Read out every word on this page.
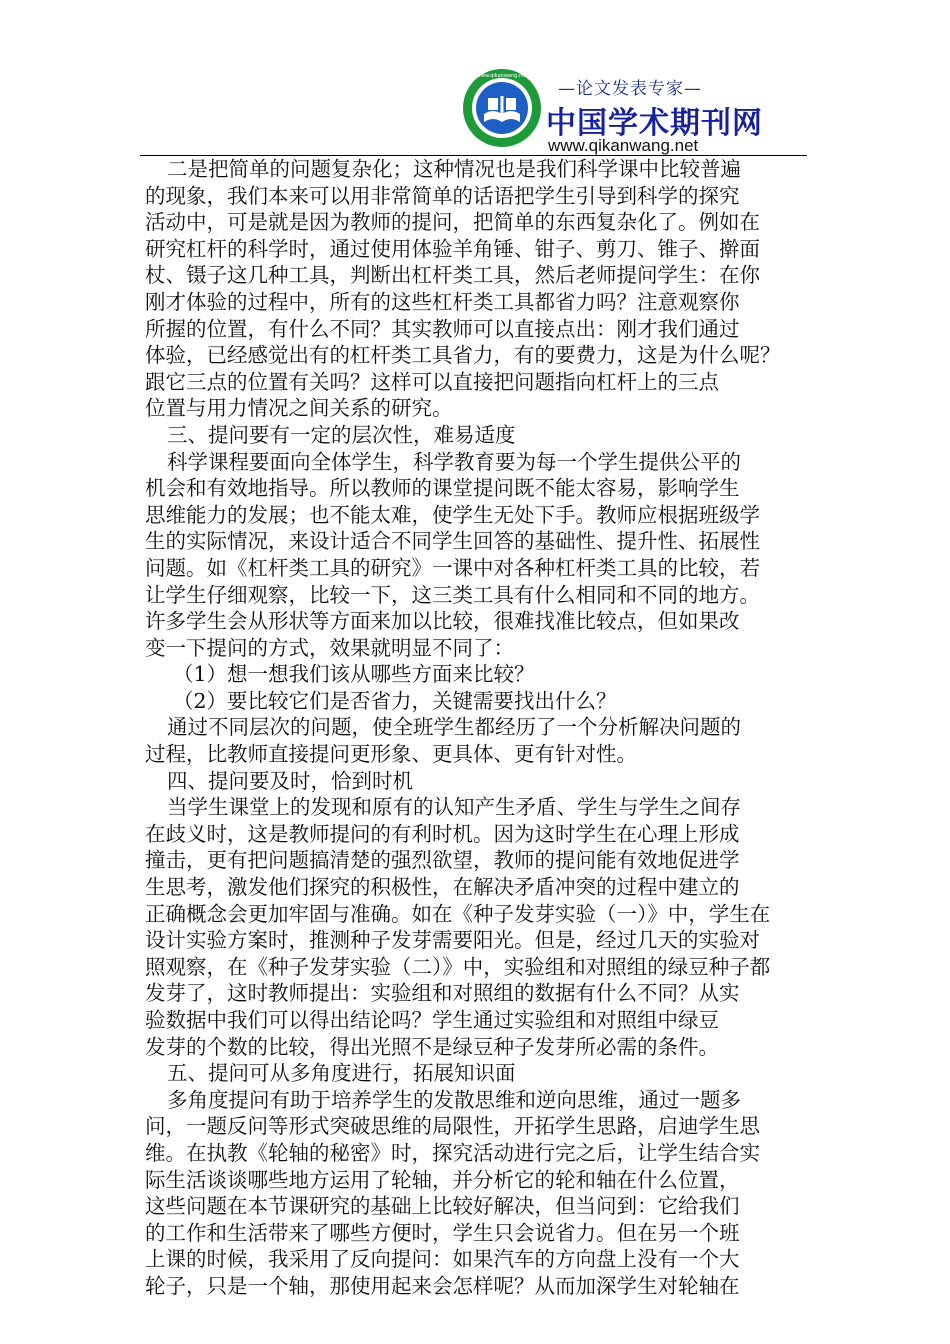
www.qikanwang.net
—论文发表专家—
中国学术期刊网
www.qikanwang.net
二是把简单的问题复杂化；这种情况也是我们科学课中比较普遍
的现象，我们本来可以用非常简单的话语把学生引导到科学的探究
活动中，可是就是因为教师的提问，把简单的东西复杂化了。例如在
研究杠杆的科学时，通过使用体验羊角锤、钳子、剪刀、锥子、擀面
杖、镊子这几种工具，判断出杠杆类工具，然后老师提问学生：在你
刚才体验的过程中，所有的这些杠杆类工具都省力吗？注意观察你
所握的位置，有什么不同？其实教师可以直接点出：刚才我们通过
体验，已经感觉出有的杠杆类工具省力，有的要费力，这是为什么呢？
跟它三点的位置有关吗？这样可以直接把问题指向杠杆上的三点
位置与用力情况之间关系的研究。
三、提问要有一定的层次性，难易适度
科学课程要面向全体学生，科学教育要为每一个学生提供公平的
机会和有效地指导。所以教师的课堂提问既不能太容易，影响学生
思维能力的发展；也不能太难，使学生无处下手。教师应根据班级学
生的实际情况，来设计适合不同学生回答的基础性、提升性、拓展性
问题。如《杠杆类工具的研究》一课中对各种杠杆类工具的比较，若
让学生仔细观察，比较一下，这三类工具有什么相同和不同的地方。
许多学生会从形状等方面来加以比较，很难找准比较点，但如果改
变一下提问的方式，效果就明显不同了：
（1）想一想我们该从哪些方面来比较？
（2）要比较它们是否省力，关键需要找出什么？
通过不同层次的问题，使全班学生都经历了一个分析解决问题的
过程，比教师直接提问更形象、更具体、更有针对性。
四、提问要及时，恰到时机
当学生课堂上的发现和原有的认知产生矛盾、学生与学生之间存
在歧义时，这是教师提问的有利时机。因为这时学生在心理上形成
撞击，更有把问题搞清楚的强烈欲望，教师的提问能有效地促进学
生思考，激发他们探究的积极性，在解决矛盾冲突的过程中建立的
正确概念会更加牢固与准确。如在《种子发芽实验（一）》中，学生在
设计实验方案时，推测种子发芽需要阳光。但是，经过几天的实验对
照观察，在《种子发芽实验（二）》中，实验组和对照组的绿豆种子都
发芽了，这时教师提出：实验组和对照组的数据有什么不同？从实
验数据中我们可以得出结论吗？学生通过实验组和对照组中绿豆
发芽的个数的比较，得出光照不是绿豆种子发芽所必需的条件。
五、提问可从多角度进行，拓展知识面
多角度提问有助于培养学生的发散思维和逆向思维，通过一题多
问，一题反问等形式突破思维的局限性，开拓学生思路，启迪学生思
维。在执教《轮轴的秘密》时，探究活动进行完之后，让学生结合实
际生活谈谈哪些地方运用了轮轴，并分析它的轮和轴在什么位置，
这些问题在本节课研究的基础上比较好解决，但当问到：它给我们
的工作和生活带来了哪些方便时，学生只会说省力。但在另一个班
上课的时候，我采用了反向提问：如果汽车的方向盘上没有一个大
轮子，只是一个轴，那使用起来会怎样呢？从而加深学生对轮轴在
